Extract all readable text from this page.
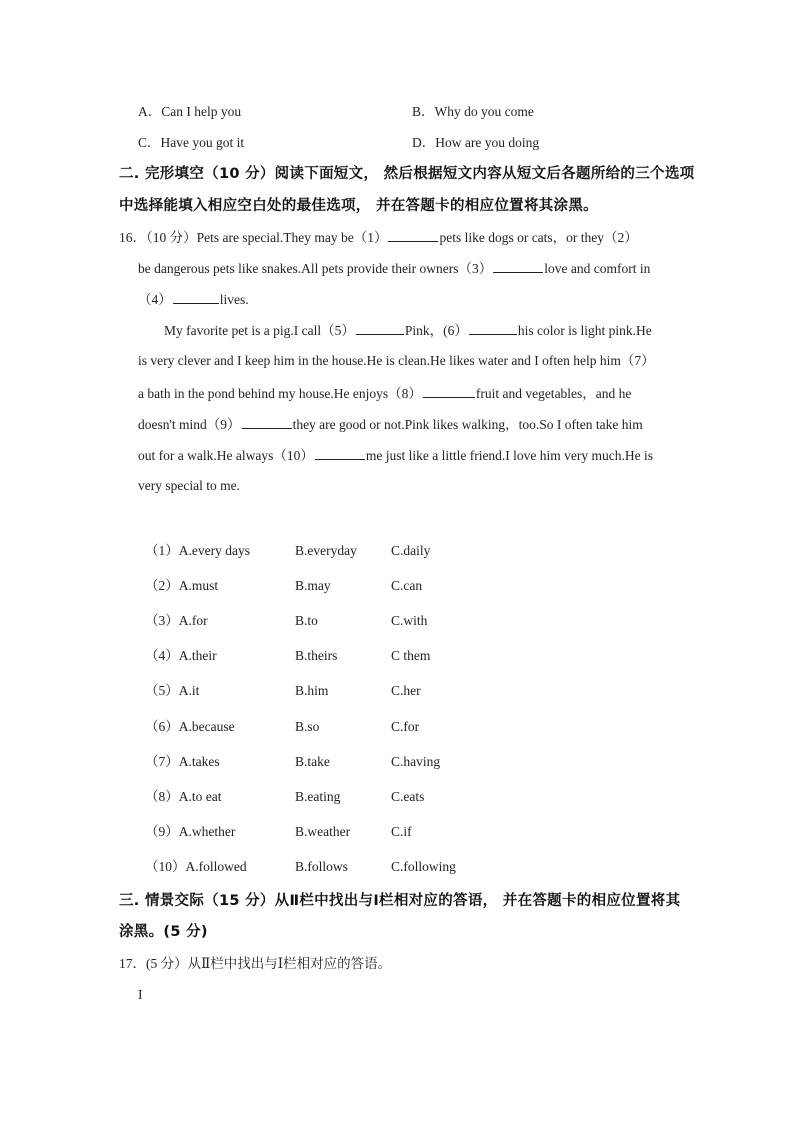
A．Can I help you	B．Why do you come
C．Have you got it	D．How are you doing
二. 完形填空（10 分）阅读下面短文， 然后根据短文内容从短文后各题所给的三个选项
中选择能填入相应空白处的最佳选项， 并在答题卡的相应位置将其涂黑。
16．（10 分）Pets are special.They may be（1）	pets like dogs or cats，or they（2）
be dangerous pets like snakes.All pets provide their owners（3）	love and comfort in
（4）	lives.
My favorite pet is a pig.I call（5）	Pink，(6）	his color is light pink.He
is very clever and I keep him in the house.He is clean.He likes water and I often help him（7）
a bath in the pond behind my house.He enjoys（8）	fruit and vegetables，and he
doesn't mind（9）	they are good or not.Pink likes walking，too.So I often take him
out for a walk.He always（10）	me just like a little friend.I love him very much.He is
very special to me.
（1）A.every days	B.everyday	C.daily
（2）A.must	B.may	C.can
（3）A.for	B.to	C.with
（4）A.their	B.theirs	C them
（5）A.it	B.him	C.her
（6）A.because	B.so	C.for
（7）A.takes	B.take	C.having
（8）A.to eat	B.eating	C.eats
（9）A.whether	B.weather	C.if
（10）A.followed	B.follows	C.following
三. 情景交际（15 分）从Ⅱ栏中找出与Ⅰ栏相对应的答语， 并在答题卡的相应位置将其
涂黑。(5 分)
17．(5 分）从Ⅱ栏中找出与Ⅰ栏相对应的答语。
I
